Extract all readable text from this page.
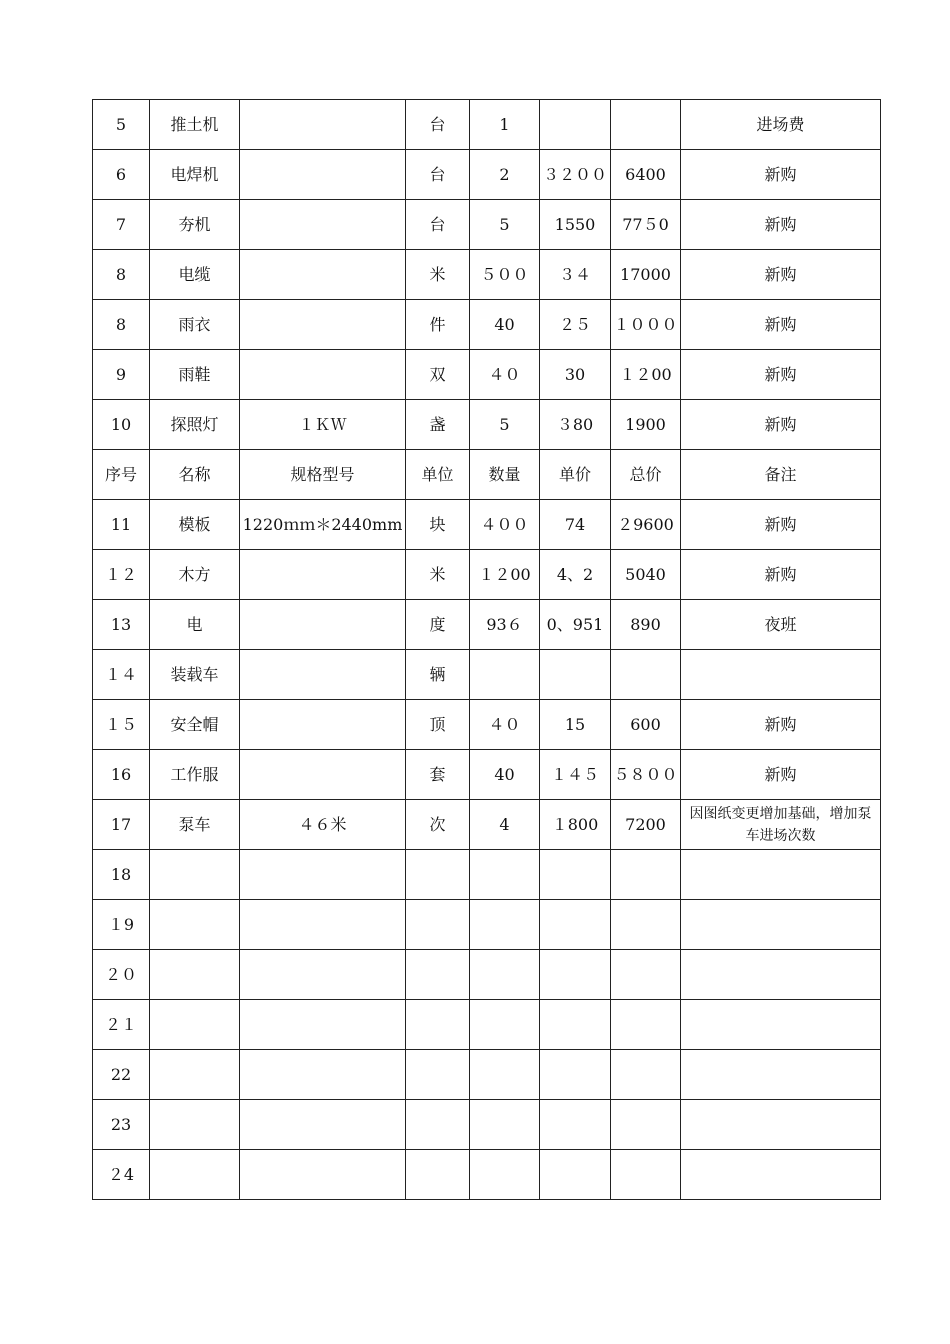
5	推土机		台	1			进场费
6	电焊机		台	2	３２００	6400	新购
7	夯机		台	5	1550	77５0	新购
8	电缆		米	５００	３４	17000	新购
8	雨衣		件	40	２５	１０００	新购
9	雨鞋		双	４０	30	１２00	新购
10	探照灯	１ＫＷ	盏	5	３80	1900	新购
序号	名称	规格型号	单位	数量	单价	总价	备注
11	模板	1220ｍｍ＊2440mm	块	４００	74	２9600	新购
１２	木方		米	１２00	4、2	5040	新购
13	电		度	93６	0、951	890	夜班
１４	装载车		辆				
１５	安全帽		顶	４０	15	600	新购
16	工作服		套	40	１４５	５８００	新购
17	泵车	４６米	次	4	１800	7200	因图纸变更增加基础，增加泵车进场次数
18							
１9							
２０							
２１							
22							
23							
２4							
